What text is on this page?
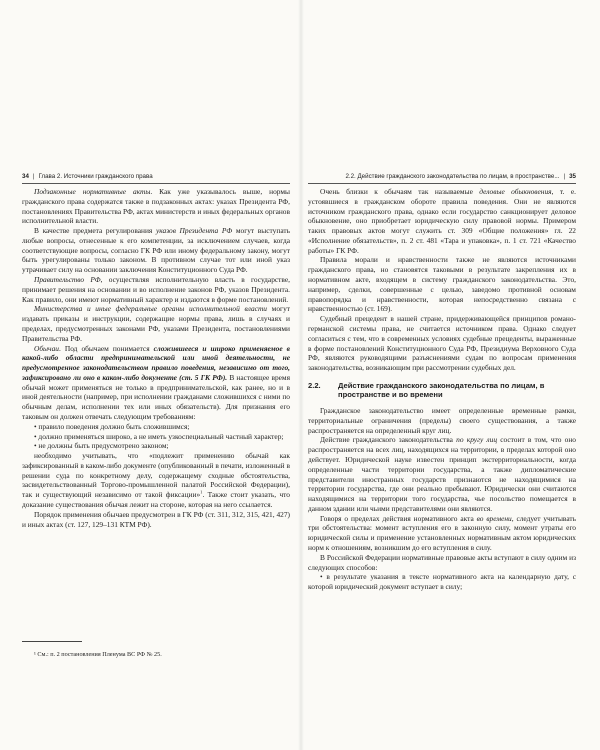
34 | Глава 2. Источники гражданского права

Подзаконные нормативные акты. Как уже указывалось выше, нормы гражданского права содержатся также в подзаконных актах: указах Президента РФ, постановлениях Правительства РФ, актах министерств и иных федеральных органов исполнительной власти.

В качестве предмета регулирования указов Президента РФ могут выступать любые вопросы, отнесенные к его компетенции, за исключением случаев, когда соответствующие вопросы, согласно ГК РФ или иному федеральному закону, могут быть урегулированы только законом. В противном случае тот или иной указ утрачивает силу на основании заключения Конституционного Суда РФ.

Правительство РФ, осуществляя исполнительную власть в государстве, принимает решения на основании и во исполнение законов РФ, указов Президента. Как правило, они имеют нормативный характер и издаются в форме постановлений.

Министерства и иные федеральные органы исполнительной власти могут издавать приказы и инструкции, содержащие нормы права, лишь в случаях и пределах, предусмотренных законами РФ, указами Президента, постановлениями Правительства РФ.

Обычаи. Под обычаем понимается сложившееся и широко применяемое в какой-либо области предпринимательской или иной деятельности, не предусмотренное законодательством правило поведения, независимо от того, зафиксировано ли оно в каком-либо документе (ст. 5 ГК РФ). В настоящее время обычай может применяться не только в предпринимательской, как ранее, но и в иной деятельности (например, при исполнении гражданами сложившихся с ними по обычным делам, исполнении тех или иных обязательств). Для признания его таковым он должен отвечать следующим требованиям:

• правило поведения должно быть сложившимся;

• должно применяться широко, а не иметь узкоспециальный частный характер;

• не должны быть предусмотрено законом;

необходимо учитывать, что «подлежит применению обычай как зафиксированный в каком-либо документе (опубликованный в печати, изложенный в решении суда по конкретному делу, содержащему сходные обстоятельства, засвидетельствованный Торгово-промышленной палатой Российской Федерации), так и существующий независимо от такой фиксации»$^1$. Также стоит указать, что доказание существования обычая лежит на стороне, которая на него ссылается.

Порядок применения обычаев предусмотрен в ГК РФ (ст. 311, 312, 315, 421, 427) и иных актах (ст. 127, 129–131 КТМ РФ).

¹ См.: п. 2 постановления Пленума ВС РФ № 25.

2.2. Действие гражданского законодательства по лицам, в пространстве... | 35

Очень близки к обычаям так называемые деловые обыкновения, т. е. устоявшиеся в гражданском обороте правила поведения. Они не являются источником гражданского права, однако если государство санкционирует деловое обыкновение, оно приобретает юридическую силу правовой нормы. Примером таких правовых актов могут служить ст. 309 «Общие положения» гл. 22 «Исполнение обязательств», п. 2 ст. 481 «Тара и упаковка», п. 1 ст. 721 «Качество работы» ГК РФ.

Правила морали и нравственности также не являются источниками гражданского права, но становятся таковыми в результате закрепления их в нормативном акте, входящем в систему гражданского законодательства. Это, например, сделки, совершенные с целью, заведомо противной основам правопорядка и нравственности, которая непосредственно связана с нравственностью (ст. 169).

Судебный прецедент в нашей стране, придерживающейся принципов романо-германской системы права, не считается источником права. Однако следует согласиться с тем, что в современных условиях судебные прецеденты, выраженные в форме постановлений Конституционного Суда РФ, Президиума Верховного Суда РФ, являются руководящими разъяснениями судам по вопросам применения законодательства, возникающим при рассмотрении судебных дел.

2.2. Действие гражданского законодательства по лицам, в пространстве и во времени

Гражданское законодательство имеет определенные временные рамки, территориальные ограничения (пределы) своего существования, а также распространяется на определенный круг лиц.

Действие гражданского законодательства по кругу лиц состоит в том, что оно распространяется на всех лиц, находящихся на территории, в пределах которой оно действует. Юридической науке известен принцип экстерриториальности, когда определенные части территории государства, а также дипломатические представители иностранных государств признаются не находящимися на территории государства, где они реально пребывают. Юридически они считаются находящимися на территории того государства, чье посольство помещается в данном здании или чьими представителями они являются.

Говоря о пределах действия нормативного акта во времени, следует учитывать три обстоятельства: момент вступления его в законную силу, момент утраты его юридической силы и применение установленных нормативным актом юридических норм к отношениям, возникшим до его вступления в силу.

В Российской Федерации нормативные правовые акты вступают в силу одним из следующих способов:

• в результате указания в тексте нормативного акта на календарную дату, с которой юридический документ вступает в силу;
